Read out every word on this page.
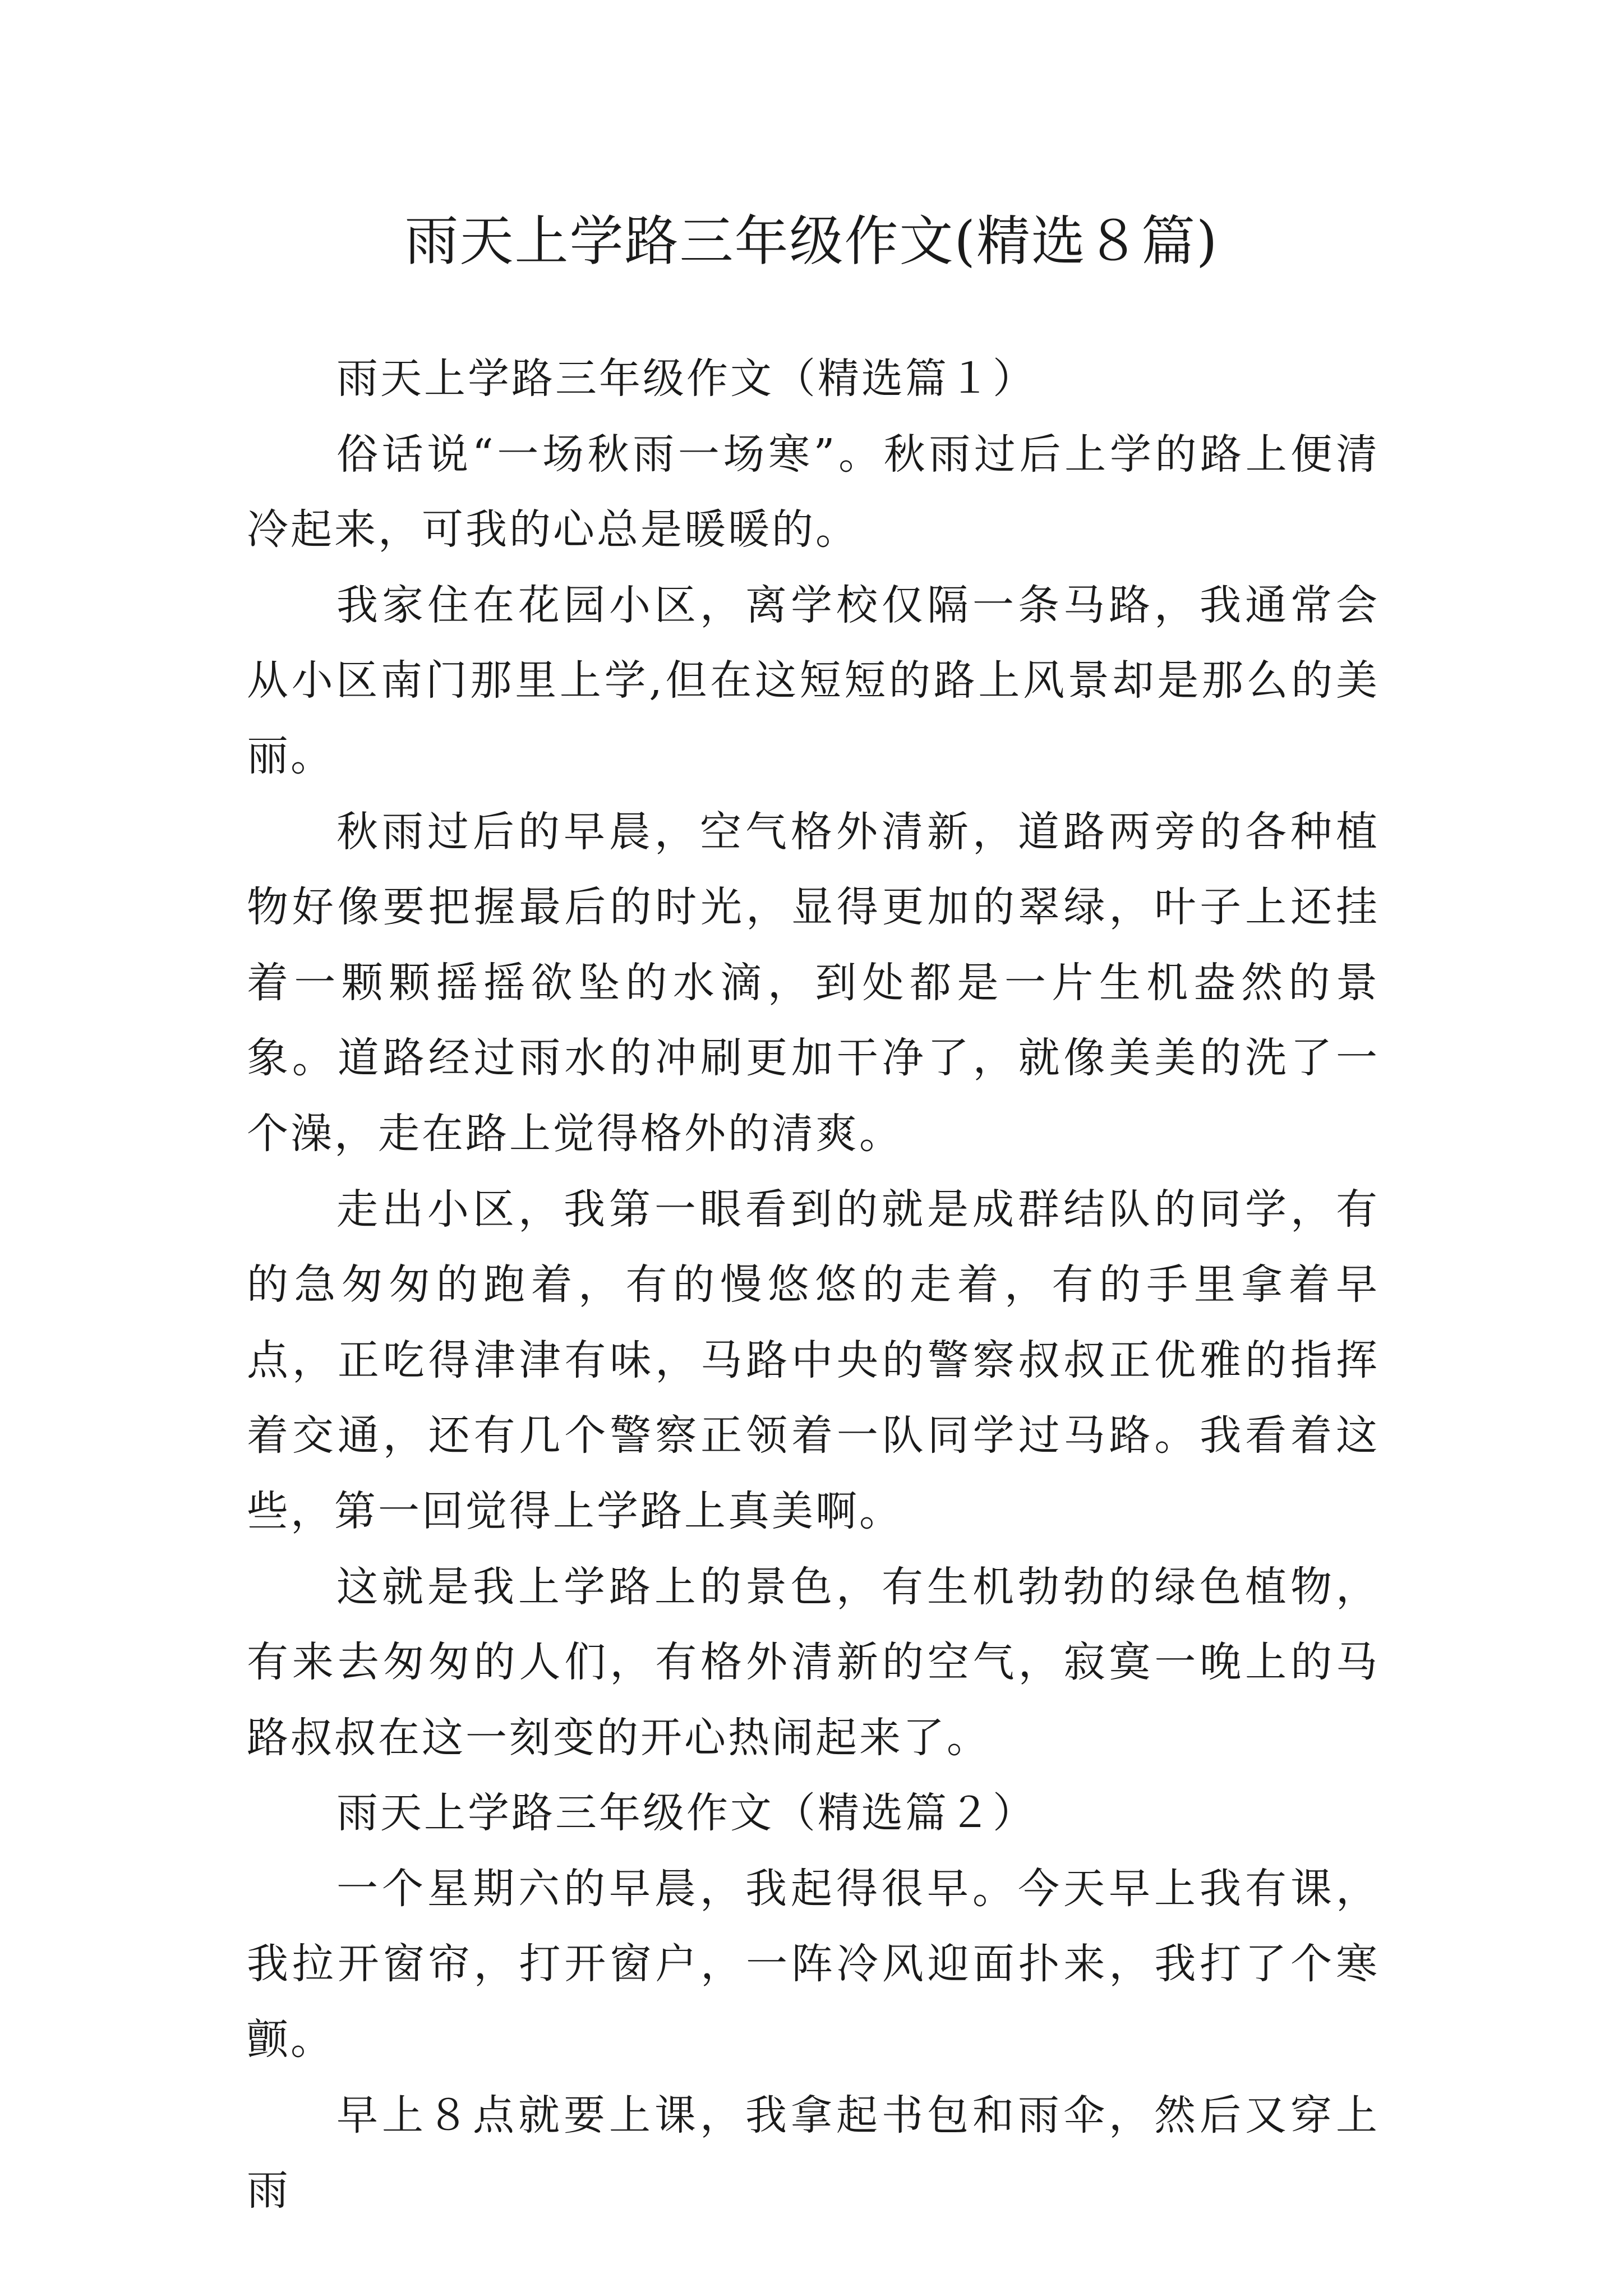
雨天上学路三年级作文(精选８篇)

雨天上学路三年级作文（精选篇１）

俗话说“一场秋雨一场寒”。秋雨过后上学的路上便清冷起来，可我的心总是暖暖的。

我家住在花园小区，离学校仅隔一条马路，我通常会从小区南门那里上学,但在这短短的路上风景却是那么的美丽。

秋雨过后的早晨，空气格外清新，道路两旁的各种植物好像要把握最后的时光，显得更加的翠绿，叶子上还挂着一颗颗摇摇欲坠的水滴，到处都是一片生机盎然的景象。道路经过雨水的冲刷更加干净了，就像美美的洗了一个澡，走在路上觉得格外的清爽。

走出小区，我第一眼看到的就是成群结队的同学，有的急匆匆的跑着，有的慢悠悠的走着，有的手里拿着早点，正吃得津津有味，马路中央的警察叔叔正优雅的指挥着交通，还有几个警察正领着一队同学过马路。我看着这些，第一回觉得上学路上真美啊。

这就是我上学路上的景色，有生机勃勃的绿色植物，有来去匆匆的人们，有格外清新的空气，寂寞一晚上的马路叔叔在这一刻变的开心热闹起来了。

雨天上学路三年级作文（精选篇２）

一个星期六的早晨，我起得很早。今天早上我有课，我拉开窗帘，打开窗户，一阵冷风迎面扑来，我打了个寒颤。

早上８点就要上课，我拿起书包和雨伞，然后又穿上雨
